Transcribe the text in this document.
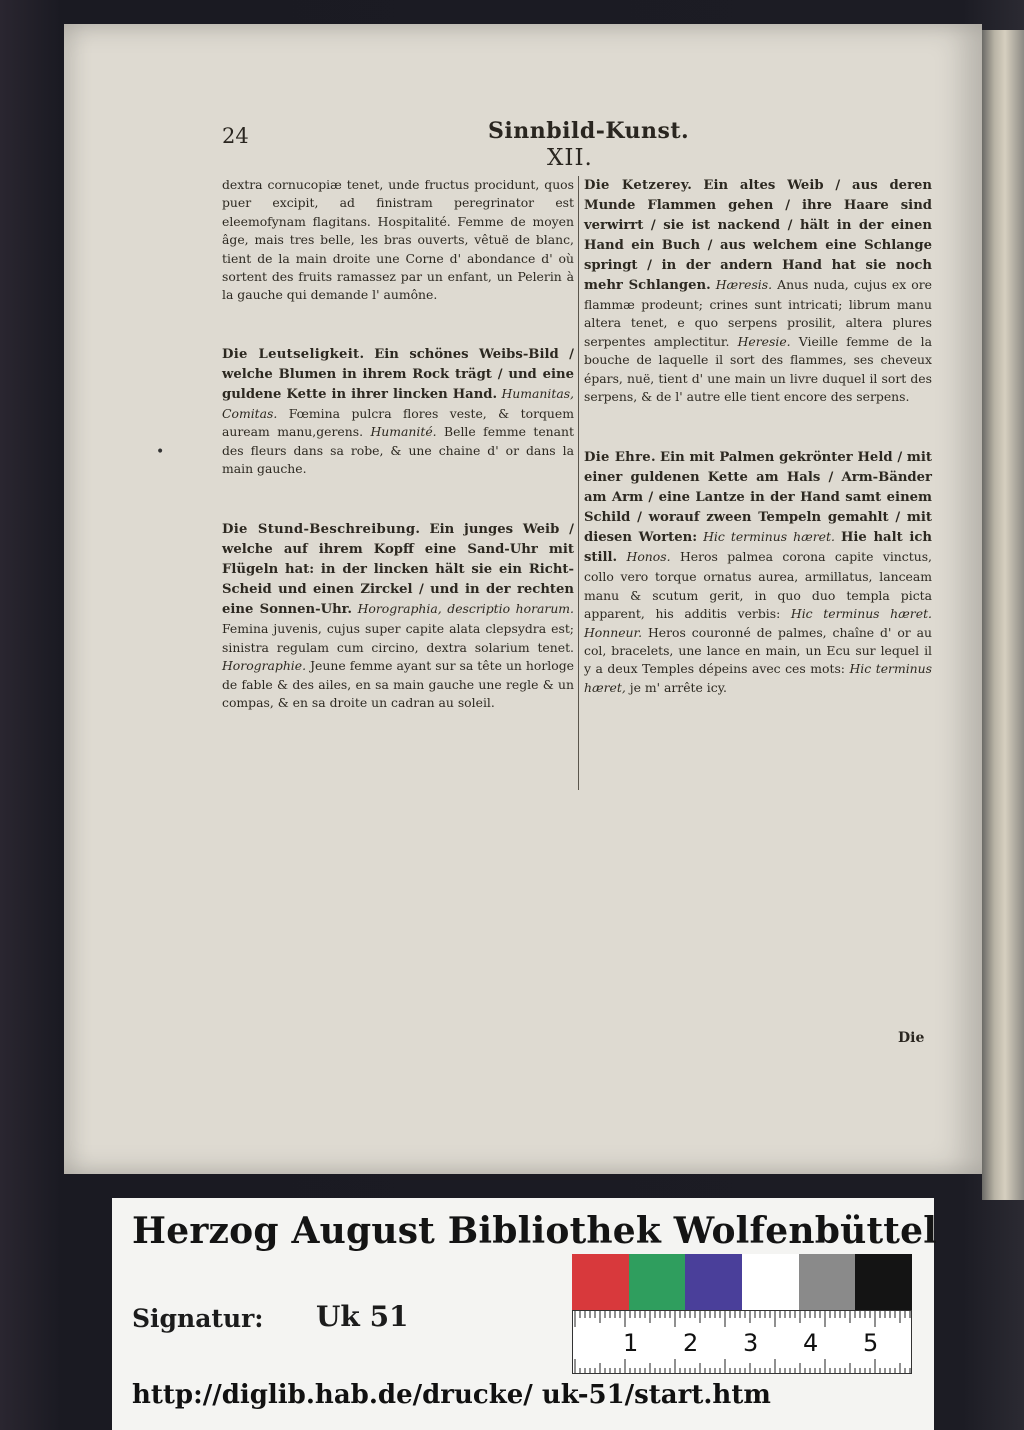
24	Sinnbild-Kunst.
XII.
•

dextra cornucopiæ tenet, unde fructus procidunt, quos puer excipit, ad finistram peregrinator est eleemofynam flagitans. Hospitalité. Femme de moyen âge, mais tres belle, les bras ouverts, vêtuë de blanc, tient de la main droite une Corne d' abondance d' où sortent des fruits ramassez par un enfant, un Pelerin à la gauche qui demande l' aumône.

Die Leutseligkeit. Ein schönes Weibs-Bild / welche Blumen in ihrem Rock trägt / und eine guldene Kette in ihrer lincken Hand. Humanitas, Comitas. Fœmina pulcra flores veste, & torquem auream manu,gerens. Humanité. Belle femme tenant des fleurs dans sa robe, & une chaine d' or dans la main gauche.

Die Stund-Beschreibung. Ein junges Weib / welche auf ihrem Kopff eine Sand-Uhr mit Flügeln hat: in der lincken hält sie ein Richt-Scheid und einen Zirckel / und in der rechten eine Sonnen-Uhr. Horographia, descriptio horarum. Femina juvenis, cujus super capite alata clepsydra est; sinistra regulam cum circino, dextra solarium tenet. Horographie. Jeune femme ayant sur sa tête un horloge de fable & des ailes, en sa main gauche une regle & un compas, & en sa droite un cadran au soleil.

Die Ketzerey. Ein altes Weib / aus deren Munde Flammen gehen / ihre Haare sind verwirrt / sie ist nackend / hält in der einen Hand ein Buch / aus welchem eine Schlange springt / in der andern Hand hat sie noch mehr Schlangen. Hæresis. Anus nuda, cujus ex ore flammæ prodeunt; crines sunt intricati; librum manu altera tenet, e quo serpens prosilit, altera plures serpentes amplectitur. Heresie. Vieille femme de la bouche de laquelle il sort des flammes, ses cheveux épars, nuë, tient d' une main un livre duquel il sort des serpens, & de l' autre elle tient encore des serpens.

Die Ehre. Ein mit Palmen gekrönter Held / mit einer guldenen Kette am Hals / Arm-Bänder am Arm / eine Lantze in der Hand samt einem Schild / worauf zween Tempeln gemahlt / mit diesen Worten: Hic terminus hæret. Hie halt ich still. Honos. Heros palmea corona capite vinctus, collo vero torque ornatus aurea, armillatus, lanceam manu & scutum gerit, in quo duo templa picta apparent, his additis verbis: Hic terminus hæret. Honneur. Heros couronné de palmes, chaîne d' or au col, bracelets, une lance en main, un Ecu sur lequel il y a deux Temples dépeins avec ces mots: Hic terminus hæret, je m' arrête icy.

Die
Herzog August Bibliothek Wolfenbüttel
Signatur: Uk 51
1 2 3 4 5
http://diglib.hab.de/drucke/ uk-51/start.htm
